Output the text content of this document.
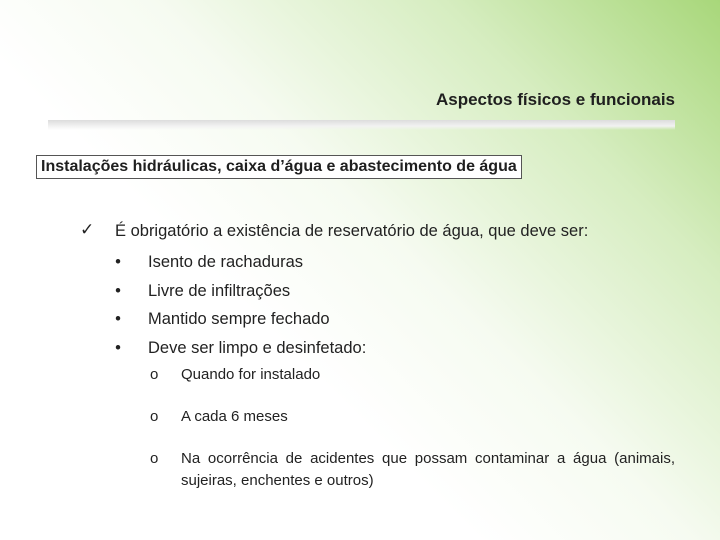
Aspectos físicos e funcionais
Instalações hidráulicas, caixa d’água e abastecimento de água
✓ É obrigatório a existência de reservatório de água, que deve ser:
• Isento de rachaduras
• Livre de infiltrações
• Mantido sempre fechado
• Deve ser limpo e desinfetado:
o Quando for instalado
o A cada 6 meses
o Na ocorrência de acidentes que possam contaminar a água (animais, sujeiras, enchentes e outros)
